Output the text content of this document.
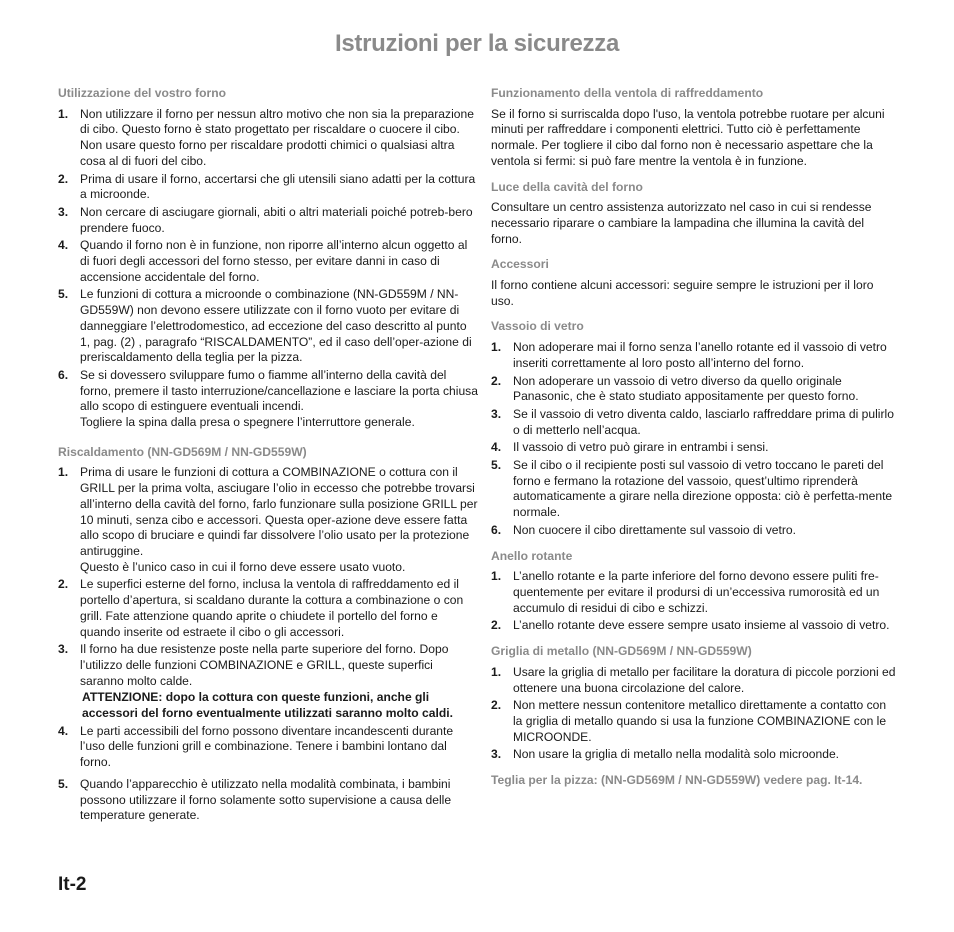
Istruzioni per la sicurezza
Utilizzazione del vostro forno
1. Non utilizzare il forno per nessun altro motivo che non sia la preparazione di cibo. Questo forno è stato progettato per riscaldare o cuocere il cibo. Non usare questo forno per riscaldare prodotti chimici o qualsiasi altra cosa al di fuori del cibo.
2. Prima di usare il forno, accertarsi che gli utensili siano adatti per la cottura a microonde.
3. Non cercare di asciugare giornali, abiti o altri materiali poiché potreb-bero prendere fuoco.
4. Quando il forno non è in funzione, non riporre all’interno alcun oggetto al di fuori degli accessori del forno stesso, per evitare danni in caso di accensione accidentale del forno.
5. Le funzioni di cottura a microonde o combinazione (NN-GD559M / NN-GD559W) non devono essere utilizzate con il forno vuoto per evitare di danneggiare l’elettrodomestico, ad eccezione del caso descritto al punto 1, pag. (2) , paragrafo “RISCALDAMENTO”, ed il caso dell’oper-azione di preriscaldamento della teglia per la pizza.
6. Se si dovessero sviluppare fumo o fiamme all’interno della cavità del forno, premere il tasto interruzione/cancellazione e lasciare la porta chiusa allo scopo di estinguere eventuali incendi.
Togliere la spina dalla presa o spegnere l’interruttore generale.
Riscaldamento (NN-GD569M / NN-GD559W)
1. Prima di usare le funzioni di cottura a COMBINAZIONE o cottura con il GRILL per la prima volta, asciugare l’olio in eccesso che potrebbe trovarsi all’interno della cavità del forno, farlo funzionare sulla posizione GRILL per 10 minuti, senza cibo e accessori. Questa oper-azione deve essere fatta allo scopo di bruciare e quindi far dissolvere l’olio usato per la protezione antiruggine.
Questo è l’unico caso in cui il forno deve essere usato vuoto.
2. Le superfici esterne del forno, inclusa la ventola di raffreddamento ed il portello d’apertura, si scaldano durante la cottura a combinazione o con grill. Fate attenzione quando aprite o chiudete il portello del forno e quando inserite od estraete il cibo o gli accessori.
3. Il forno ha due resistenze poste nella parte superiore del forno. Dopo l’utilizzo delle funzioni COMBINAZIONE e GRILL, queste superfici saranno molto calde.
ATTENZIONE: dopo la cottura con queste funzioni, anche gli accessori del forno eventualmente utilizzati saranno molto caldi.
4. Le parti accessibili del forno possono diventare incandescenti durante l’uso delle funzioni grill e combinazione. Tenere i bambini lontano dal forno.
5. Quando l’apparecchio è utilizzato nella modalità combinata, i bambini possono utilizzare il forno solamente sotto supervisione a causa delle temperature generate.
Funzionamento della ventola di raffreddamento

Se il forno si surriscalda dopo l'uso, la ventola potrebbe ruotare per alcuni minuti per raffreddare i componenti elettrici. Tutto ciò è perfettamente normale. Per togliere il cibo dal forno non è necessario aspettare che la ventola si fermi: si può fare mentre la ventola è in funzione.

Luce della cavità del forno

Consultare un centro assistenza autorizzato nel caso in cui si rendesse necessario riparare o cambiare la lampadina che illumina la cavità del forno.

Accessori

Il forno contiene alcuni accessori: seguire sempre le istruzioni per il loro uso.

Vassoio di vetro
1. Non adoperare mai il forno senza l’anello rotante ed il vassoio di vetro inseriti correttamente al loro posto all’interno del forno.
2. Non adoperare un vassoio di vetro diverso da quello originale Panasonic, che è stato studiato appositamente per questo forno.
3. Se il vassoio di vetro diventa caldo, lasciarlo raffreddare prima di pulirlo o di metterlo nell’acqua.
4. Il vassoio di vetro può girare in entrambi i sensi.
5. Se il cibo o il recipiente posti sul vassoio di vetro toccano le pareti del forno e fermano la rotazione del vassoio, quest’ultimo riprenderà automaticamente a girare nella direzione opposta: ciò è perfetta-mente normale.
6. Non cuocere il cibo direttamente sul vassoio di vetro.
Anello rotante
1. L’anello rotante e la parte inferiore del forno devono essere puliti fre-quentemente per evitare il prodursi di un’eccessiva rumorosità ed un accumulo di residui di cibo e schizzi.
2. L’anello rotante deve essere sempre usato insieme al vassoio di vetro.
Griglia di metallo (NN-GD569M / NN-GD559W)
1. Usare la griglia di metallo per facilitare la doratura di piccole porzioni ed ottenere una buona circolazione del calore.
2. Non mettere nessun contenitore metallico direttamente a contatto con la griglia di metallo quando si usa la funzione COMBINAZIONE con le MICROONDE.
3. Non usare la griglia di metallo nella modalità solo microonde.
Teglia per la pizza: (NN-GD569M / NN-GD559W) vedere pag. It-14.
It-2
